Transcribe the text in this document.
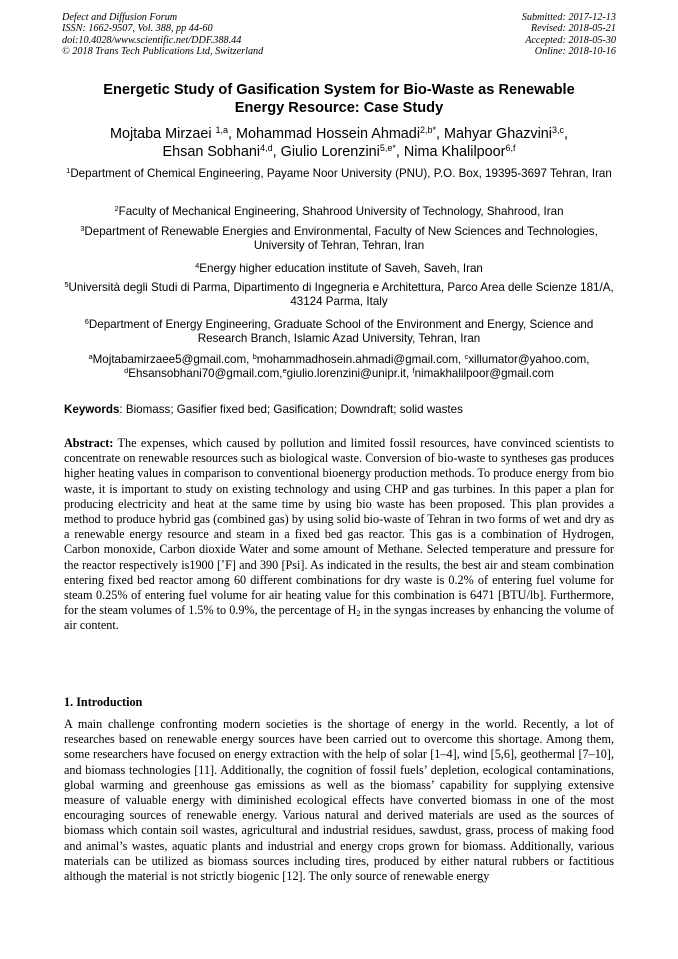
Defect and Diffusion Forum
ISSN: 1662-9507, Vol. 388, pp 44-60
doi:10.4028/www.scientific.net/DDF.388.44
© 2018 Trans Tech Publications Ltd, Switzerland
Submitted: 2017-12-13
Revised: 2018-05-21
Accepted: 2018-05-30
Online: 2018-10-16
Energetic Study of Gasification System for Bio-Waste as Renewable
Energy Resource: Case Study
Mojtaba Mirzaei $^{1,a}$, Mohammad Hossein Ahmadi$^{2,b*}$, Mahyar Ghazvini$^{3,c}$,
Ehsan Sobhani$^{4,d}$, Giulio Lorenzini$^{5,e*}$, Nima Khalilpoor$^{6,f}$
$^1$Department of Chemical Engineering, Payame Noor University (PNU), P.O. Box, 19395-3697 Tehran, Iran
$^2$Faculty of Mechanical Engineering, Shahrood University of Technology, Shahrood, Iran
$^3$Department of Renewable Energies and Environmental, Faculty of New Sciences and Technologies, University of Tehran, Tehran, Iran
$^4$Energy higher education institute of Saveh, Saveh, Iran
$^5$Università degli Studi di Parma, Dipartimento di Ingegneria e Architettura, Parco Area delle Scienze 181/A, 43124 Parma, Italy
$^6$Department of Energy Engineering, Graduate School of the Environment and Energy, Science and Research Branch, Islamic Azad University, Tehran, Iran
$^a$Mojtabamirzaee5@gmail.com, $^b$mohammadhosein.ahmadi@gmail.com, $^c$xillumator@yahoo.com,
$^d$Ehsansobhani70@gmail.com,$^e$giulio.lorenzini@unipr.it, $^f$nimakhalilpoor@gmail.com
Keywords: Biomass; Gasifier fixed bed; Gasification; Downdraft; solid wastes
Abstract: The expenses, which caused by pollution and limited fossil resources, have convinced scientists to concentrate on renewable resources such as biological waste. Conversion of bio-waste to syntheses gas produces higher heating values in comparison to conventional bioenergy production methods. To produce energy from bio waste, it is important to study on existing technology and using CHP and gas turbines. In this paper a plan for producing electricity and heat at the same time by using bio waste has been proposed. This plan provides a method to produce hybrid gas (combined gas) by using solid bio-waste of Tehran in two forms of wet and dry as a renewable energy resource and steam in a fixed bed gas reactor. This gas is a combination of Hydrogen, Carbon monoxide, Carbon dioxide Water and some amount of Methane. Selected temperature and pressure for the reactor respectively is1900 [˚F] and 390 [Psi]. As indicated in the results, the best air and steam combination entering fixed bed reactor among 60 different combinations for dry waste is 0.2% of entering fuel volume for steam 0.25% of entering fuel volume for air heating value for this combination is 6471 [BTU/lb]. Furthermore, for the steam volumes of 1.5% to 0.9%, the percentage of $H_2$ in the syngas increases by enhancing the volume of air content.
1. Introduction
A main challenge confronting modern societies is the shortage of energy in the world. Recently, a lot of researches based on renewable energy sources have been carried out to overcome this shortage. Among them, some researchers have focused on energy extraction with the help of solar [1–4], wind [5,6], geothermal [7–10], and biomass technologies [11]. Additionally, the cognition of fossil fuels’ depletion, ecological contaminations, global warming and greenhouse gas emissions as well as the biomass’ capability for supplying extensive measure of valuable energy with diminished ecological effects have converted biomass in one of the most encouraging sources of renewable energy. Various natural and derived materials are used as the sources of biomass which contain soil wastes, agricultural and industrial residues, sawdust, grass, process of making food and animal’s wastes, aquatic plants and industrial and energy crops grown for biomass. Additionally, various materials can be utilized as biomass sources including tires, produced by either natural rubbers or factitious although the material is not strictly biogenic [12]. The only source of renewable energy
